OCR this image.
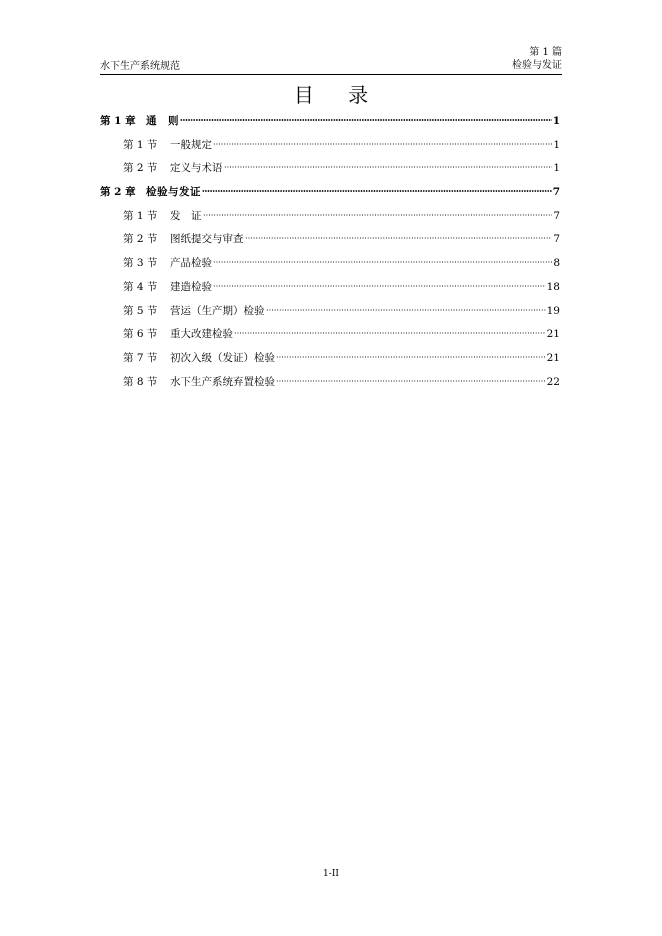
水下生产系统规范
第 1 篇
检验与发证
目 录
第 1 章 通　则	1
第 1 节	一般规定	1
第 2 节	定义与术语	1
第 2 章 检验与发证	7
第 1 节	发　证	7
第 2 节	图纸提交与审查	7
第 3 节	产品检验	8
第 4 节	建造检验	18
第 5 节	营运（生产期）检验	19
第 6 节	重大改建检验	21
第 7 节	初次入级（发证）检验	21
第 8 节	水下生产系统弃置检验	22
1-II
